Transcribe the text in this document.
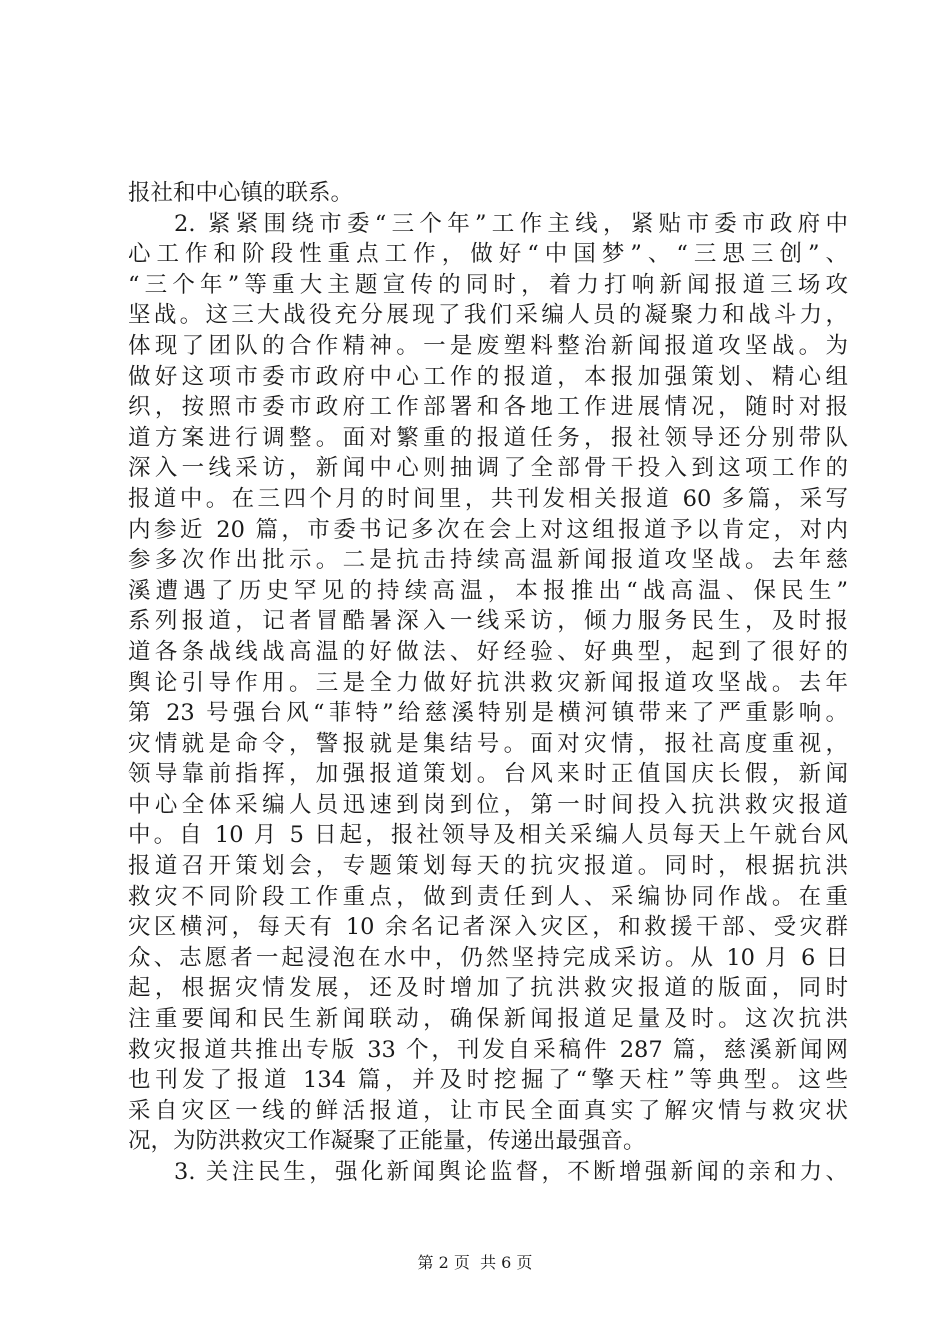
报社和中心镇的联系。
2. 紧紧围绕市委“三个年”工作主线，紧贴市委市政府中
心工作和阶段性重点工作，做好“中国梦”、“三思三创”、
“三个年”等重大主题宣传的同时，着力打响新闻报道三场攻
坚战。这三大战役充分展现了我们采编人员的凝聚力和战斗力，
体现了团队的合作精神。一是废塑料整治新闻报道攻坚战。为
做好这项市委市政府中心工作的报道，本报加强策划、精心组
织，按照市委市政府工作部署和各地工作进展情况，随时对报
道方案进行调整。面对繁重的报道任务，报社领导还分别带队
深入一线采访，新闻中心则抽调了全部骨干投入到这项工作的
报道中。在三四个月的时间里，共刊发相关报道 60 多篇，采写
内参近 20 篇，市委书记多次在会上对这组报道予以肯定，对内
参多次作出批示。二是抗击持续高温新闻报道攻坚战。去年慈
溪遭遇了历史罕见的持续高温，本报推出“战高温、保民生”
系列报道，记者冒酷暑深入一线采访，倾力服务民生，及时报
道各条战线战高温的好做法、好经验、好典型，起到了很好的
舆论引导作用。三是全力做好抗洪救灾新闻报道攻坚战。去年
第 23 号强台风“菲特”给慈溪特别是横河镇带来了严重影响。
灾情就是命令，警报就是集结号。面对灾情，报社高度重视，
领导靠前指挥，加强报道策划。台风来时正值国庆长假，新闻
中心全体采编人员迅速到岗到位，第一时间投入抗洪救灾报道
中。自 10 月 5 日起，报社领导及相关采编人员每天上午就台风
报道召开策划会，专题策划每天的抗灾报道。同时，根据抗洪
救灾不同阶段工作重点，做到责任到人、采编协同作战。在重
灾区横河，每天有 10 余名记者深入灾区，和救援干部、受灾群
众、志愿者一起浸泡在水中，仍然坚持完成采访。从 10 月 6 日
起，根据灾情发展，还及时增加了抗洪救灾报道的版面，同时
注重要闻和民生新闻联动，确保新闻报道足量及时。这次抗洪
救灾报道共推出专版 33 个，刊发自采稿件 287 篇，慈溪新闻网
也刊发了报道 134 篇，并及时挖掘了“擎天柱”等典型。这些
采自灾区一线的鲜活报道，让市民全面真实了解灾情与救灾状
况，为防洪救灾工作凝聚了正能量，传递出最强音。
3. 关注民生，强化新闻舆论监督，不断增强新闻的亲和力、
第 2 页  共 6 页
